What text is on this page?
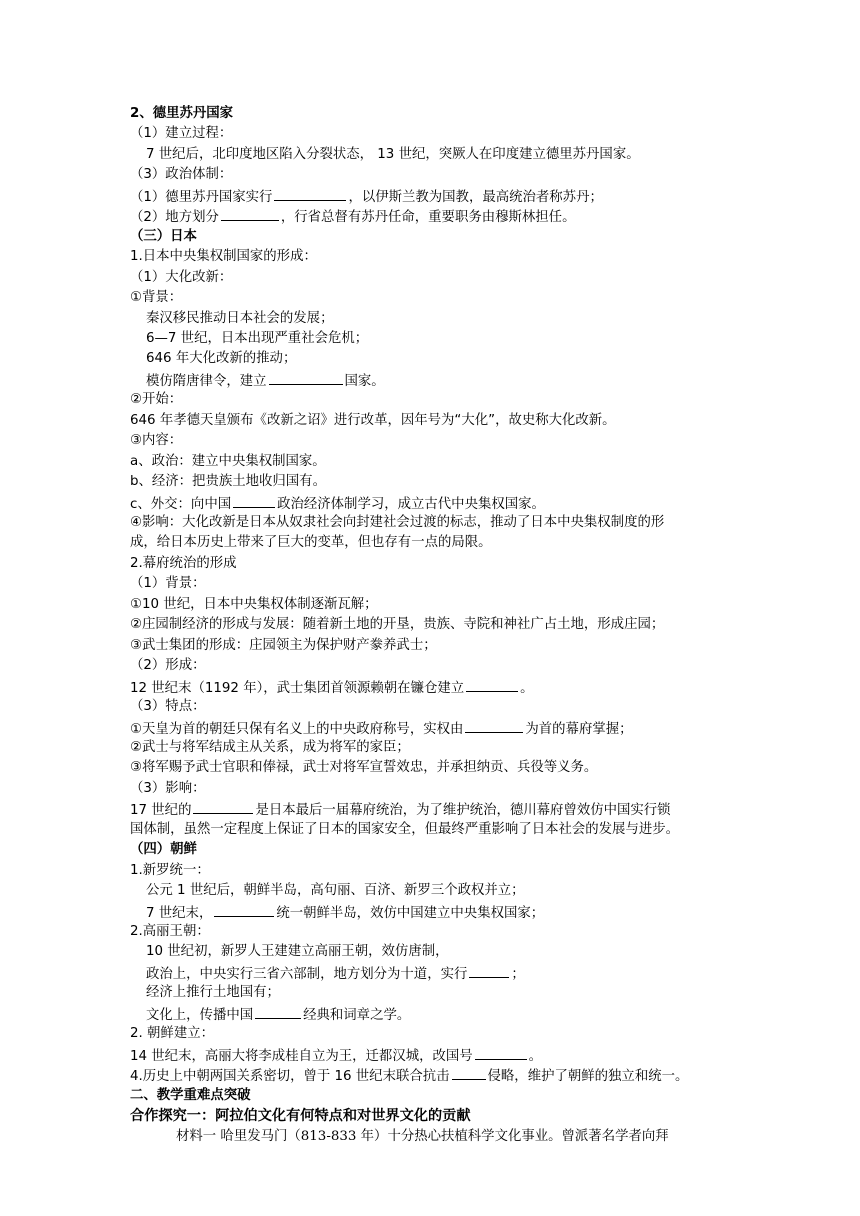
2、德里苏丹国家
（1）建立过程：
7 世纪后，北印度地区陷入分裂状态， 13 世纪，突厥人在印度建立德里苏丹国家。
（3）政治体制：
（1）德里苏丹国家实行	，以伊斯兰教为国教，最高统治者称苏丹；
（2）地方划分	，行省总督有苏丹任命，重要职务由穆斯林担任。
（三）日本
1.日本中央集权制国家的形成：
（1）大化改新：
①背景：
秦汉移民推动日本社会的发展；
6—7 世纪，日本出现严重社会危机；
646 年大化改新的推动；
模仿隋唐律令，建立	国家。
②开始：
646 年孝德天皇颁布《改新之诏》进行改革，因年号为“大化”，故史称大化改新。
③内容：
a、政治：建立中央集权制国家。
b、经济：把贵族土地收归国有。
c、外交：向中国	政治经济体制学习，成立古代中央集权国家。
④影响：大化改新是日本从奴隶社会向封建社会过渡的标志，推动了日本中央集权制度的形
成，给日本历史上带来了巨大的变革，但也存有一点的局限。
2.幕府统治的形成
（1）背景：
①10 世纪，日本中央集权体制逐渐瓦解；
②庄园制经济的形成与发展：随着新土地的开垦，贵族、寺院和神社广占土地，形成庄园；
③武士集团的形成：庄园领主为保护财产豢养武士；
（2）形成：
12 世纪末（1192 年），武士集团首领源赖朝在镰仓建立	。
（3）特点：
①天皇为首的朝廷只保有名义上的中央政府称号，实权由	为首的幕府掌握；
②武士与将军结成主从关系，成为将军的家臣；
③将军赐予武士官职和俸禄，武士对将军宣誓效忠，并承担纳贡、兵役等义务。
（3）影响：
17 世纪的	是日本最后一届幕府统治，为了维护统治，德川幕府曾效仿中国实行锁
国体制，虽然一定程度上保证了日本的国家安全，但最终严重影响了日本社会的发展与进步。
（四）朝鲜
1.新罗统一：
公元 1 世纪后，朝鲜半岛，高句丽、百济、新罗三个政权并立；
7 世纪末，	统一朝鲜半岛，效仿中国建立中央集权国家；
2.高丽王朝：
10 世纪初，新罗人王建建立高丽王朝，效仿唐制，
政治上，中央实行三省六部制，地方划分为十道，实行	；
经济上推行土地国有；
文化上，传播中国	经典和词章之学。
2. 朝鲜建立：
14 世纪末，高丽大将李成桂自立为王，迁都汉城，改国号	。
4.历史上中朝两国关系密切，曾于 16 世纪末联合抗击	侵略，维护了朝鲜的独立和统一。
二、教学重难点突破
合作探究一：阿拉伯文化有何特点和对世界文化的贡献
材料一 哈里发马门（813-833 年）十分热心扶植科学文化事业。曾派著名学者向拜
